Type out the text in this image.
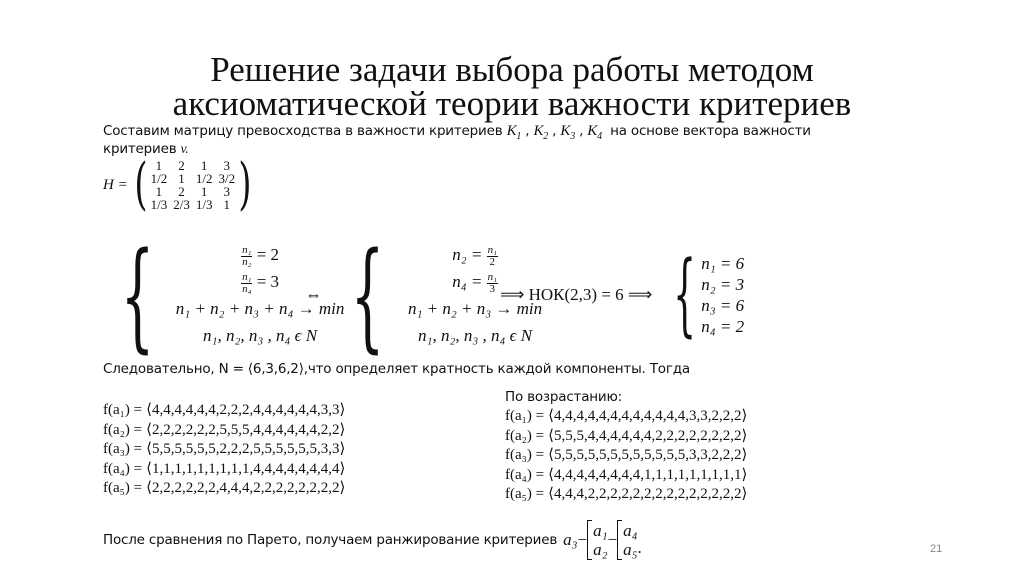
Решение задачи выбора работы методом
аксиоматической теории важности критериев
Составим матрицу превосходства в важности критериев $K_1$ , $K_2$ , $K_3$ , $K_4$ на основе вектора важности
критериев v.
H = ( 1	2	1	3
1/2	1	1/2	3/2
1	2	1	3
1/3	2/3	1/3	1 )
{	$\frac{\text{n₁}}{\text{n₂}} = 2$
$\frac{\text{n₁}}{\text{n₄}} = 3$
n₁ + n₂ + n₃ + n₄ → min
n₁, n₂, n₃ , n₄ ϵ N
⇔ {	$n_2 = \frac{\text{n₁}}{2}$
$n_4 = \frac{\text{n₁}}{3}$
n₁ + n₂ + n₃ → min
n₁, n₂, n₃ , n₄ ϵ N
⟹ НОК(2,3) = 6 ⟹ { n₁ = 6
n₂ = 3
n₃ = 6
n₄ = 2
Следовательно, N = ⟨6,3,6,2⟩,что определяет кратность каждой компоненты. Тогда
f(a₁) = ⟨4,4,4,4,4,4,2,2,2,4,4,4,4,4,4,3,3⟩
f(a₂) = ⟨2,2,2,2,2,2,5,5,5,4,4,4,4,4,4,2,2⟩
f(a₃) = ⟨5,5,5,5,5,5,2,2,2,5,5,5,5,5,5,3,3⟩
f(a₄) = ⟨1,1,1,1,1,1,1,1,1,4,4,4,4,4,4,4,4⟩
f(a₅) = ⟨2,2,2,2,2,2,4,4,4,2,2,2,2,2,2,2,2⟩
По возрастанию:
f(a₁) = ⟨4,4,4,4,4,4,4,4,4,4,4,4,3,3,2,2,2⟩
f(a₂) = ⟨5,5,5,4,4,4,4,4,4,2,2,2,2,2,2,2,2⟩
f(a₃) = ⟨5,5,5,5,5,5,5,5,5,5,5,5,3,3,2,2,2⟩
f(a₄) = ⟨4,4,4,4,4,4,4,4,1,1,1,1,1,1,1,1,1⟩
f(a₅) = ⟨4,4,4,2,2,2,2,2,2,2,2,2,2,2,2,2,2⟩
После сравнения по Парето, получаем ранжирование критериев a₃ − a₁
a₂
− a₄
a₅ .	21
